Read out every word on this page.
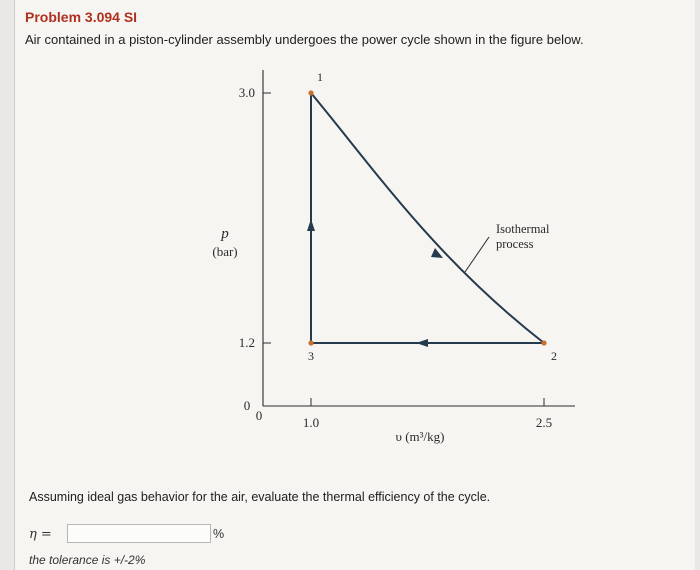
Problem 3.094 SI
Air contained in a piston-cylinder assembly undergoes the power cycle shown in the figure below.
3.0
1.2
1.0	2.5
0
0
p
(bar)
υ (m³/kg)
Isothermal
process
1
2
3
Assuming ideal gas behavior for the air, evaluate the thermal efficiency of the cycle.
η =	%
the tolerance is +/-2%
